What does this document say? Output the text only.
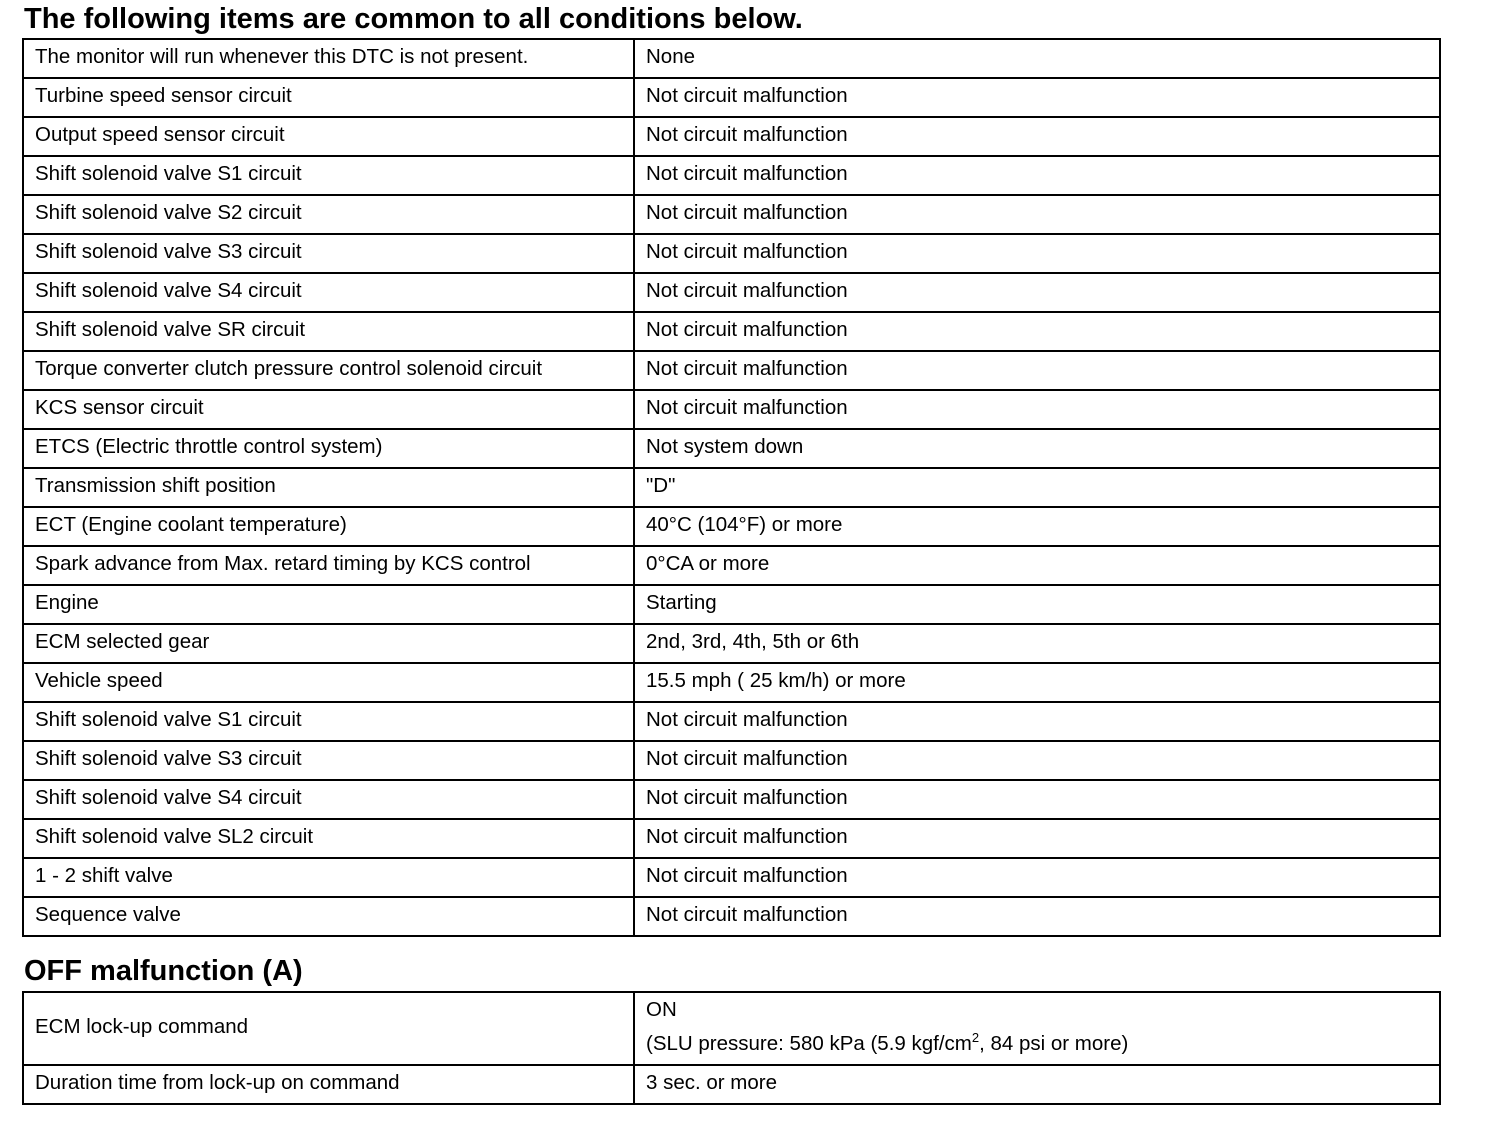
The following items are common to all conditions below.
The monitor will run whenever this DTC is not present.	None
Turbine speed sensor circuit	Not circuit malfunction
Output speed sensor circuit	Not circuit malfunction
Shift solenoid valve S1 circuit	Not circuit malfunction
Shift solenoid valve S2 circuit	Not circuit malfunction
Shift solenoid valve S3 circuit	Not circuit malfunction
Shift solenoid valve S4 circuit	Not circuit malfunction
Shift solenoid valve SR circuit	Not circuit malfunction
Torque converter clutch pressure control solenoid circuit	Not circuit malfunction
KCS sensor circuit	Not circuit malfunction
ETCS (Electric throttle control system)	Not system down
Transmission shift position	"D"
ECT (Engine coolant temperature)	40°C (104°F) or more
Spark advance from Max. retard timing by KCS control	0°CA or more
Engine	Starting
ECM selected gear	2nd, 3rd, 4th, 5th or 6th
Vehicle speed	15.5 mph ( 25 km/h) or more
Shift solenoid valve S1 circuit	Not circuit malfunction
Shift solenoid valve S3 circuit	Not circuit malfunction
Shift solenoid valve S4 circuit	Not circuit malfunction
Shift solenoid valve SL2 circuit	Not circuit malfunction
1 - 2 shift valve	Not circuit malfunction
Sequence valve	Not circuit malfunction
OFF malfunction (A)
ECM lock-up command	ON
(SLU pressure: 580 kPa (5.9 kgf/$cm^2$, 84 psi or more)

Duration time from lock-up on command	3 sec. or more
